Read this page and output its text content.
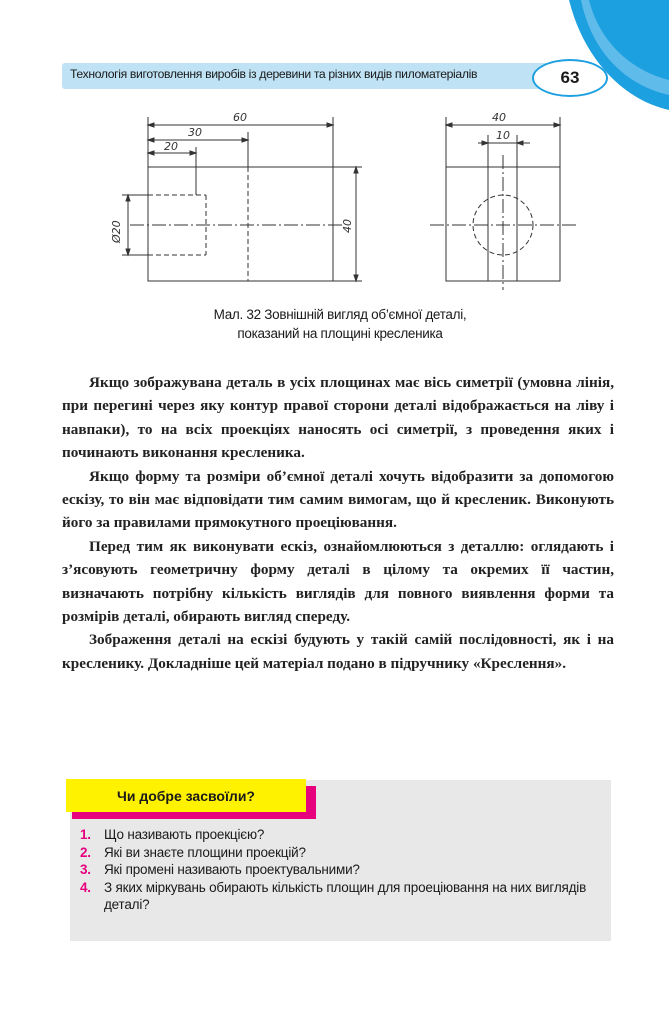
Технологія виготовлення виробів із деревини та різних видів пиломатеріалів	63
60
30
20
Ø20	40
40
10
Мал. 32 Зовнішній вигляд об’ємної деталі,
показаний на площині кресленика

Якщо зображувана деталь в усіх площинах має вісь симетрії (умовна лінія, при перегині через яку контур правої сторони деталі відображається на ліву і навпаки), то на всіх проекціях наносять осі симетрії, з проведення яких і починають виконання кресленика.

Якщо форму та розміри об’ємної деталі хочуть відобразити за допомогою ескізу, то він має відповідати тим самим вимогам, що й кресленик. Виконують його за правилами прямокутного проеціювання.

Перед тим як виконувати ескіз, ознайомлюються з деталлю: оглядають і з’ясовують геометричну форму деталі в цілому та окремих її частин, визначають потрібну кількість виглядів для повного виявлення форми та розмірів деталі, обирають вигляд спереду.

Зображення деталі на ескізі будують у такій самій послідовності, як і на кресленику. Докладніше цей матеріал подано в підручнику «Креслення».

Чи добре засвоїли?
1. Що називають проекцією?
2. Які ви знаєте площини проекцій?
3. Які промені називають проектувальними?
4. З яких міркувань обирають кількість площин для проеціювання на них виглядів деталі?
